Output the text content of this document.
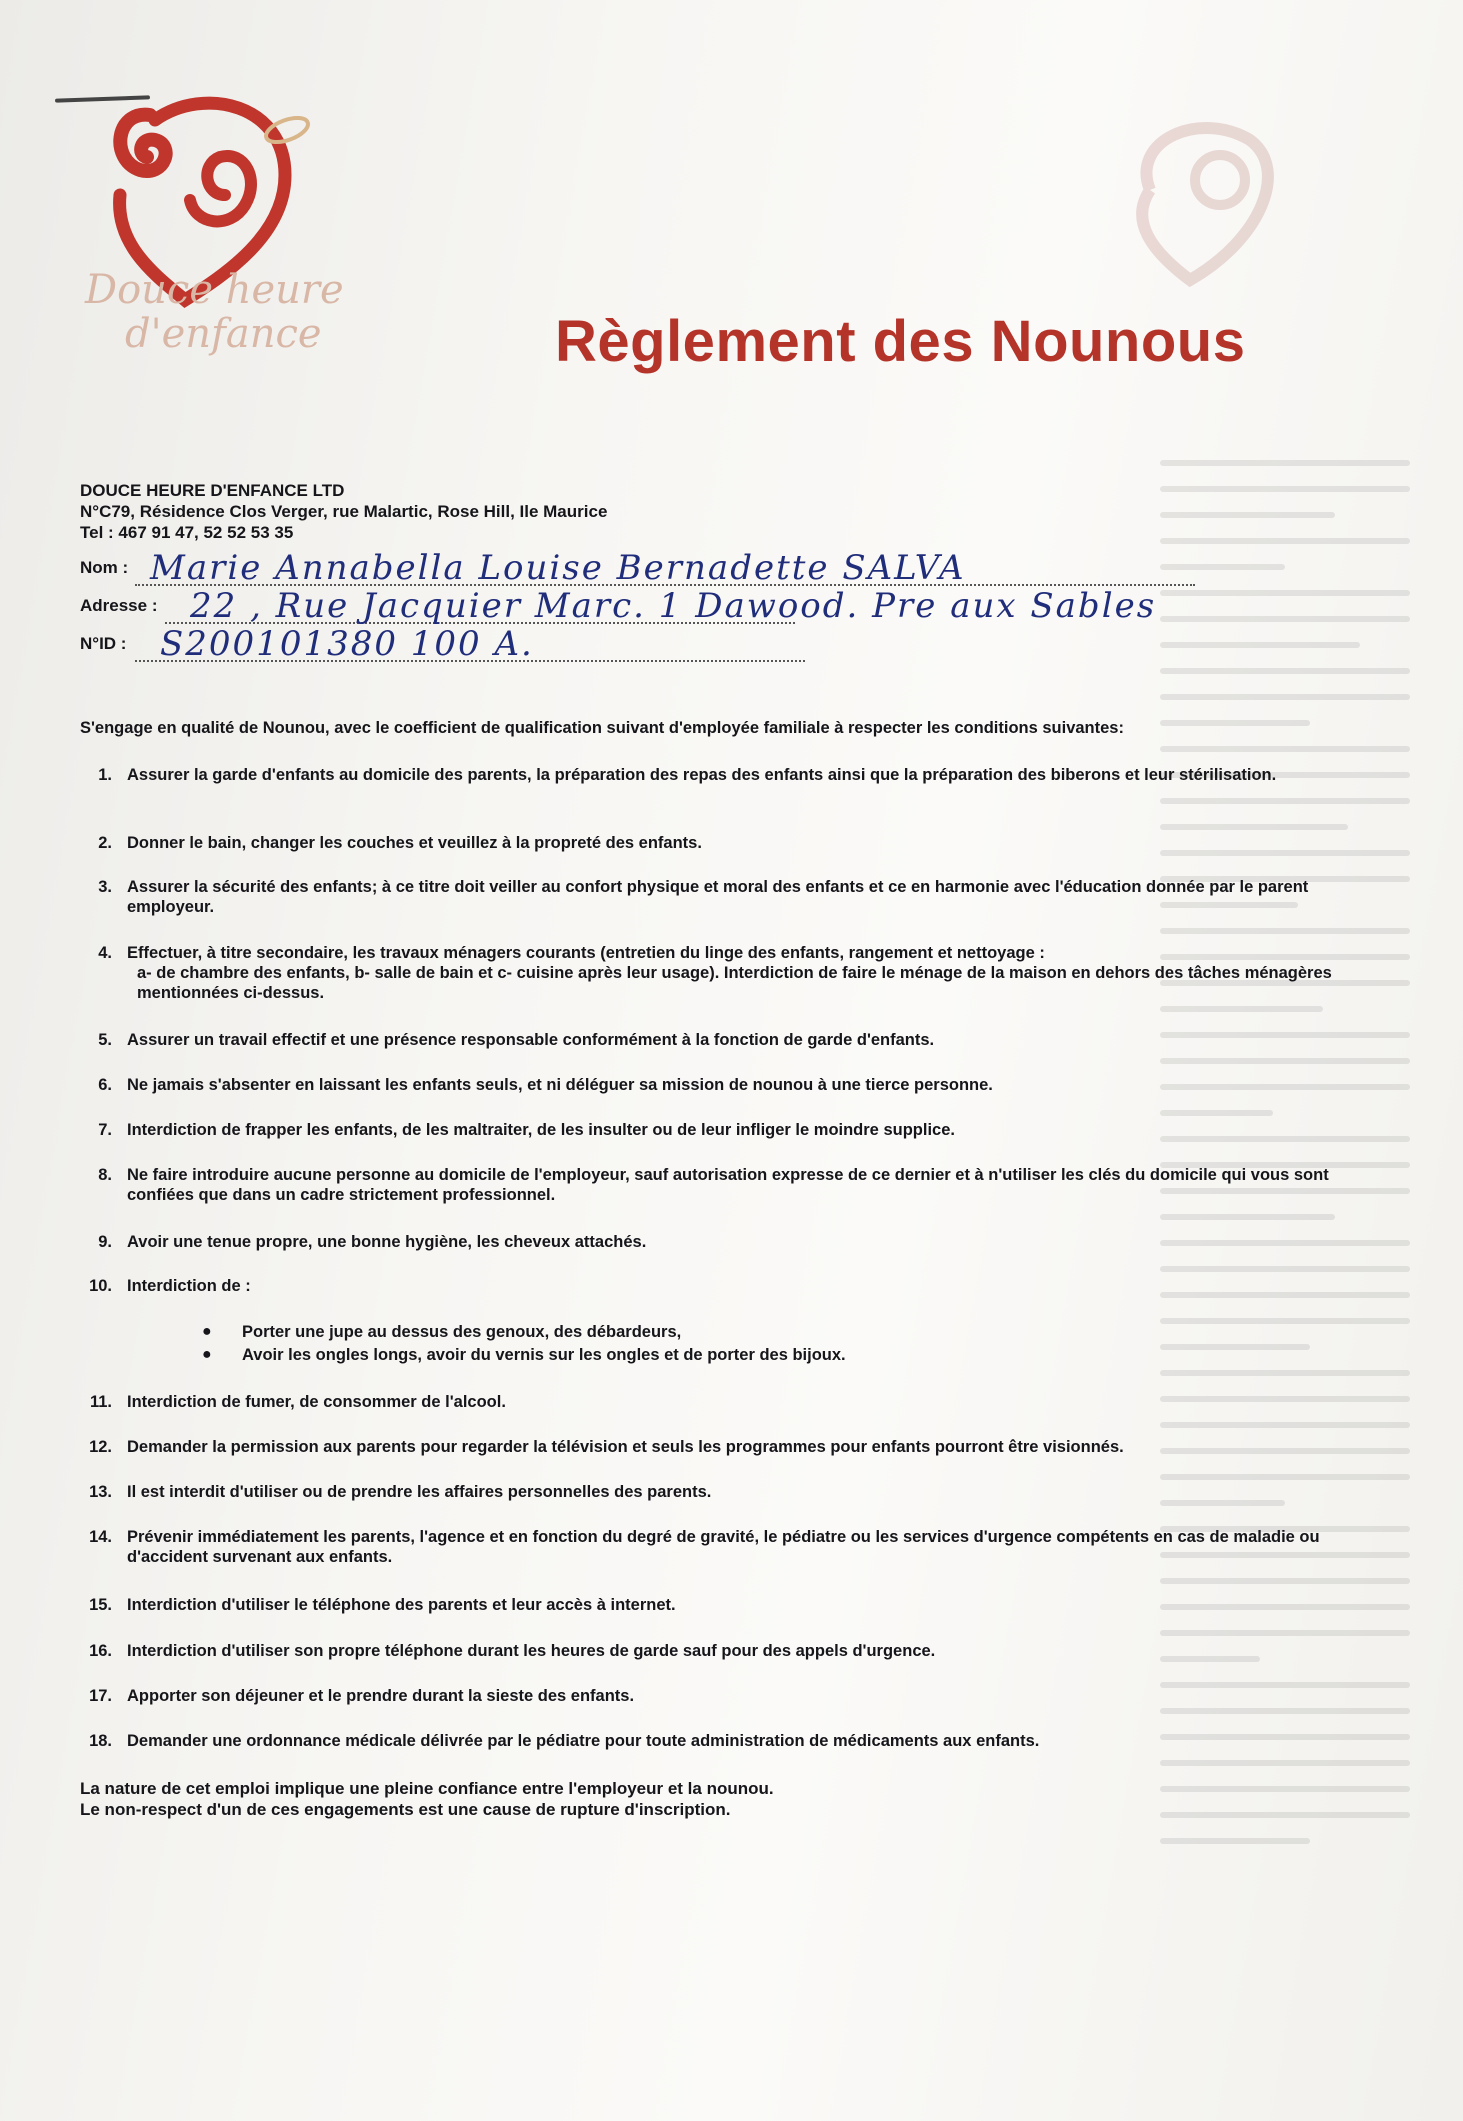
Douce heure
d'enfance	Règlement des Nounous
DOUCE HEURE D'ENFANCE LTD
N°C79, Résidence Clos Verger, rue Malartic, Rose Hill, Ile Maurice
Tel : 467 91 47, 52 52 53 35
Nom : Marie Annabella Louise Bernadette SALVA
Adresse : 22 , Rue Jacquier Marc. 1 Dawood. Pre aux Sables
N°ID : S200101380 100 A.
S'engage en qualité de Nounou, avec le coefficient de qualification suivant d'employée familiale à respecter les conditions suivantes:
1. Assurer la garde d'enfants au domicile des parents, la préparation des repas des enfants ainsi que la préparation des biberons et leur stérilisation.
2. Donner le bain, changer les couches et veuillez à la propreté des enfants.
3. Assurer la sécurité des enfants; à ce titre doit veiller au confort physique et moral des enfants et ce en harmonie avec l'éducation donnée par le parent employeur.
4. Effectuer, à titre secondaire, les travaux ménagers courants (entretien du linge des enfants, rangement et nettoyage :
a- de chambre des enfants, b- salle de bain et c- cuisine après leur usage). Interdiction de faire le ménage de la maison en dehors des tâches ménagères mentionnées ci-dessus.
5. Assurer un travail effectif et une présence responsable conformément à la fonction de garde d'enfants.
6. Ne jamais s'absenter en laissant les enfants seuls, et ni déléguer sa mission de nounou à une tierce personne.
7. Interdiction de frapper les enfants, de les maltraiter, de les insulter ou de leur infliger le moindre supplice.
8. Ne faire introduire aucune personne au domicile de l'employeur, sauf autorisation expresse de ce dernier et à n'utiliser les clés du domicile qui vous sont confiées que dans un cadre strictement professionnel.
9. Avoir une tenue propre, une bonne hygiène, les cheveux attachés.
10. Interdiction de :
● Porter une jupe au dessus des genoux, des débardeurs,
● Avoir les ongles longs, avoir du vernis sur les ongles et de porter des bijoux.
11. Interdiction de fumer, de consommer de l'alcool.
12. Demander la permission aux parents pour regarder la télévision et seuls les programmes pour enfants pourront être visionnés.
13. Il est interdit d'utiliser ou de prendre les affaires personnelles des parents.
14. Prévenir immédiatement les parents, l'agence et en fonction du degré de gravité, le pédiatre ou les services d'urgence compétents en cas de maladie ou d'accident survenant aux enfants.
15. Interdiction d'utiliser le téléphone des parents et leur accès à internet.
16. Interdiction d'utiliser son propre téléphone durant les heures de garde sauf pour des appels d'urgence.
17. Apporter son déjeuner et le prendre durant la sieste des enfants.
18. Demander une ordonnance médicale délivrée par le pédiatre pour toute administration de médicaments aux enfants.
La nature de cet emploi implique une pleine confiance entre l'employeur et la nounou.
Le non-respect d'un de ces engagements est une cause de rupture d'inscription.
